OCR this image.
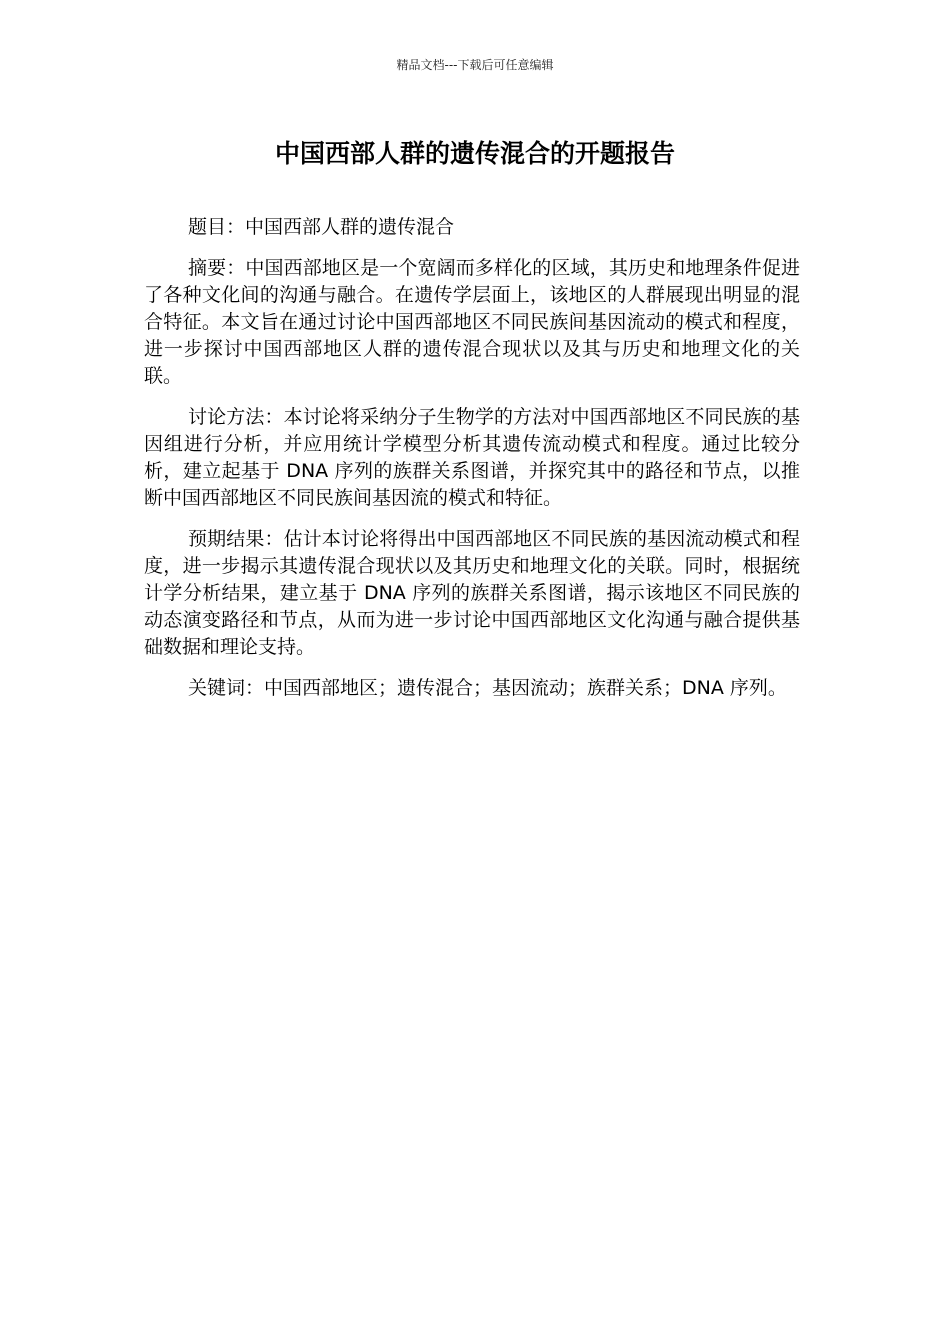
精品文档---下载后可任意编辑
中国西部人群的遗传混合的开题报告

题目：中国西部人群的遗传混合

摘要：中国西部地区是一个宽阔而多样化的区域，其历史和地理条件促进了各种文化间的沟通与融合。在遗传学层面上，该地区的人群展现出明显的混合特征。本文旨在通过讨论中国西部地区不同民族间基因流动的模式和程度，进一步探讨中国西部地区人群的遗传混合现状以及其与历史和地理文化的关联。

讨论方法：本讨论将采纳分子生物学的方法对中国西部地区不同民族的基因组进行分析，并应用统计学模型分析其遗传流动模式和程度。通过比较分析，建立起基于 DNA 序列的族群关系图谱，并探究其中的路径和节点，以推断中国西部地区不同民族间基因流的模式和特征。

预期结果：估计本讨论将得出中国西部地区不同民族的基因流动模式和程度，进一步揭示其遗传混合现状以及其历史和地理文化的关联。同时，根据统计学分析结果，建立基于 DNA 序列的族群关系图谱，揭示该地区不同民族的动态演变路径和节点，从而为进一步讨论中国西部地区文化沟通与融合提供基础数据和理论支持。

关键词：中国西部地区；遗传混合；基因流动；族群关系；DNA 序列。
